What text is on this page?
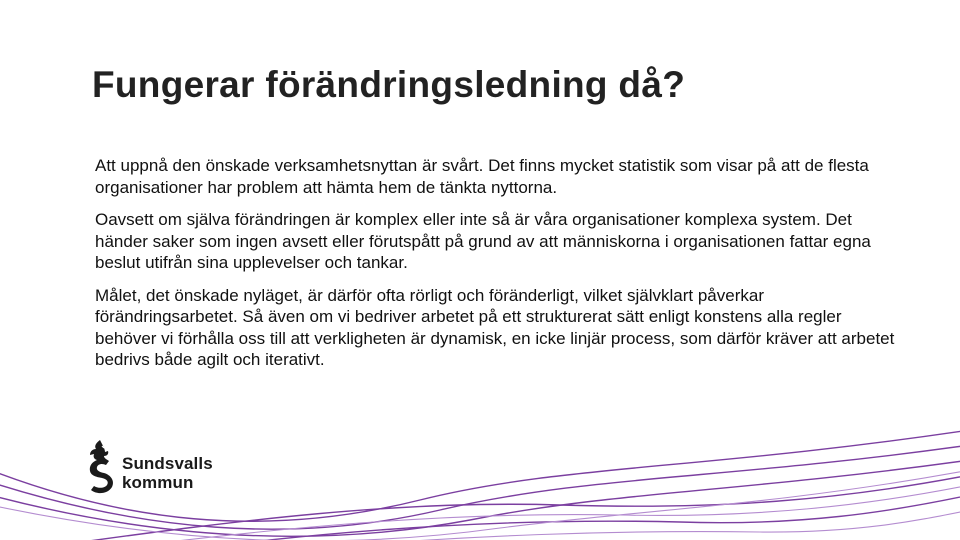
Fungerar förändringsledning då?

Att uppnå den önskade verksamhetsnyttan är svårt. Det finns mycket statistik som visar på att de flesta organisationer har problem att hämta hem de tänkta nyttorna.

Oavsett om själva förändringen är komplex eller inte så är våra organisationer komplexa system. Det händer saker som ingen avsett eller förutspått på grund av att människorna i organisationen fattar egna beslut utifrån sina upplevelser och tankar.

Målet, det önskade nyläget, är därför ofta rörligt och föränderligt, vilket självklart påverkar förändringsarbetet. Så även om vi bedriver arbetet på ett strukturerat sätt enligt konstens alla regler behöver vi förhålla oss till att verkligheten är dynamisk, en icke linjär process, som därför kräver att arbetet bedrivs både agilt och iterativt.

Sundsvalls
kommun
